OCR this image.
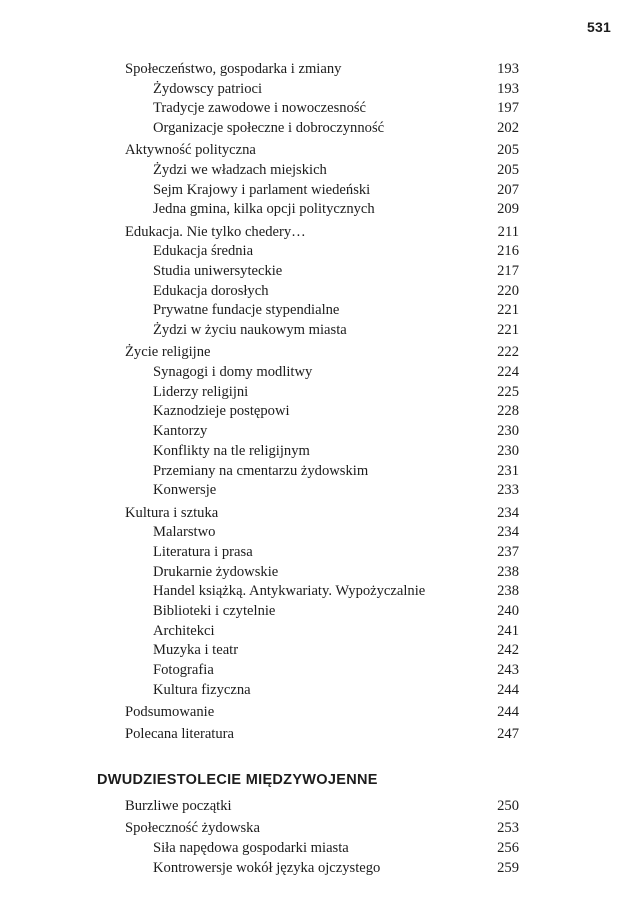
531
Społeczeństwo, gospodarka i zmiany	193
Żydowscy patrioci	193
Tradycje zawodowe i nowoczesność	197
Organizacje społeczne i dobroczynność	202
Aktywność polityczna	205
Żydzi we władzach miejskich	205
Sejm Krajowy i parlament wiedeński	207
Jedna gmina, kilka opcji politycznych	209
Edukacja. Nie tylko chedery…	211
Edukacja średnia	216
Studia uniwersyteckie	217
Edukacja dorosłych	220
Prywatne fundacje stypendialne	221
Żydzi w życiu naukowym miasta	221
Życie religijne	222
Synagogi i domy modlitwy	224
Liderzy religijni	225
Kaznodzieje postępowi	228
Kantorzy	230
Konflikty na tle religijnym	230
Przemiany na cmentarzu żydowskim	231
Konwersje	233
Kultura i sztuka	234
Malarstwo	234
Literatura i prasa	237
Drukarnie żydowskie	238
Handel książką. Antykwariaty. Wypożyczalnie	238
Biblioteki i czytelnie	240
Architekci	241
Muzyka i teatr	242
Fotografia	243
Kultura fizyczna	244
Podsumowanie	244
Polecana literatura	247
DWUDZIESTOLECIE MIĘDZYWOJENNE
Burzliwe początki	250
Społeczność żydowska	253
Siła napędowa gospodarki miasta	256
Kontrowersje wokół języka ojczystego	259
